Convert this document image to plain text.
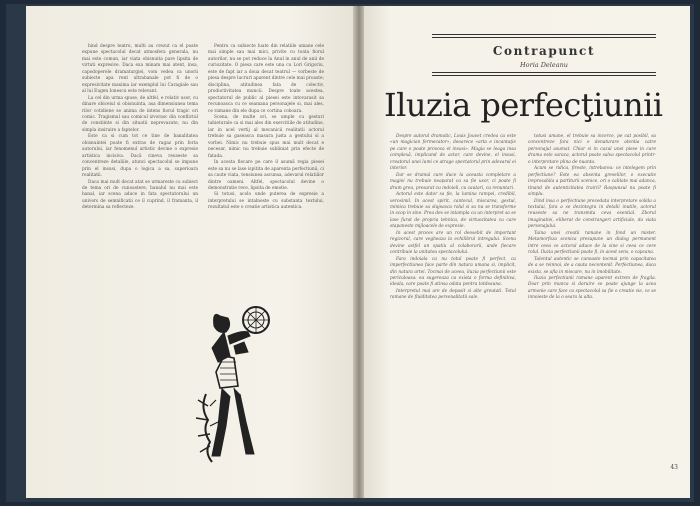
bind despre teatru, multi au crezut ca el poate expune spectacolul decat atmosfera generala, nu mai este comun, iar viata obisnuita pare lipsita de virtuti expresive. Daca exa minam mai atent, insa, capodoperele dramaturgiei, vom vedea ca unorii subiecte apa rent ultrabanale pot fi de o expresivitate maxima iar exemplul lui Caragiale sau al lui Eugen Ionescu este relevant.

La cel din urma spuse, de altfel, e relativ usor, cu dinare obiceiul si obisnuinta, asa dimensiunea tema rilor cotidiene se anima de intens fiorul tragic ori comic. Tragismul sau comicul izvorasc din conflictul de constiinte si din situatii neprevazute, nu din simpla insiruire a faptelor.

Este ca si cum tot ce tine de banalitatea obisnuintei poate fi extras de ragaz prin forta autorului, iar fenomenul artistic devine o expresie artistica incisiva. Dacă cineva reuseste sa concentreze detaliile, atunci spectacolul se impune prin el insusi, dupa o logica a sa, superioara realitatii.

Daca mai mult decat atat se urmareste cu subiect de tema ori de cunoastere, banalul nu mai este banal, iar scena aduce in fata spectatorului un univers de semnificatii ce il cuprind, il framanta, il determina sa reflecteze.

Pentru ca subiecte luate din relatiile umane cele mai simple sau mai mici, privite cu toata fiorul autorilor, nu se pot reduce la Anul in anul de anii de curiozitate. O piesa care este una cu Lori Grigoriu, este de fapt iar a doua decat teatrul — vorbeste de piesa despre lucruri aparent dintre cele mai proaste; disciplina, atitudinea fata de colectiv, productivitatea muncii. Despre toate acestea, spectatorul de public al piesei este intovarasit sa recunoasca cu ce seamana personajele si, mai ales, ce ramane din ele dupa ce cortina coboara.

Scena, de multe ori, se umple cu gesturi tabieturale ca si mai ales din exercitiile de atitudine, iar in acel vertij al mecanicii realitatii actorul trebuie sa gaseasca masura justa a gestului si a vorbei. Nimic nu trebuie spus mai mult decat e necesar, nimic nu trebuie subliniat prin efecte de fatada.

In acesta fiecare pe care il asumă regia piesei este sa nu se lase ispitita de aparenta perfectiunii, ci sa caute viata, tensiunea ascunsa, adevarul relatiilor dintre oameni. Altfel, spectacolul devine o demonstratie rece, lipsita de emotie.

Si totusi, acolo unde puterea de expresie a interpretului se intalneste cu substanta textului, rezultatul este o creatie artistica autentica.

Contrapunct
Horia Deleanu
Iluzia perfecţiunii

Despre autorul dramatic, Louis Jouvet credea ca este «un magician fermecator», deoarece «arta e incantaţie pe care o poate provoca el insusi». Magia se leaga insa complexă, implicand de actor, care devine, el insusi, creatorul unei lumi ce atrage spectatorul prin adevarul ei interior.

Dar se dramul care duce la aceasta completare a magiei nu trebuie neaparat ca sa fie usor, ci poate fi drum greu, presarat cu indoieli, cu cautari, cu renuntari.

Actorul este dator sa fie, la lumina rampei, credibil, verosimil. In acest spirit, cantecul, miscarea, gestul, mimica trebuie sa slujeasca rolul si sa nu se transforme in scop in sine. Prea des se intampla ca un interpret sa se lase furat de propria tehnica, de virtuozitatea cu care stapaneste mijloacele de expresie.

In acest proces are un rol deosebit de important regizorul, care vegheaza la echilibrul intregului. Scena devine astfel un spatiu al colaborarii, unde fiecare contribuie la unitatea spectacolului.

Fara indoiala ca nu totul poate fi perfect, ca imperfectiunea face parte din natura umana si, implicit, din natura artei. Tocmai de aceea, iluzia perfectiunii este periculoasa: ea sugereaza ca exista o forma definitiva, ideala, care poate fi atinsa odata pentru totdeauna.

Interpretul mai are de depasit si alte greutati. Totul ramane de fluiditatea personalitatii sale.

totusi umane, el trebuie sa incerce, pe cat posibil, sa concentreze fara nici o denaturare atentia catre personajul asumat. Chiar si in cazul unei piese in care drama este saraca, actorul poate salva spectacolul printr-o interpretare plina de nuanta.

Acum se ridica, fireste, intrebarea: ce intelegem prin perfectiune? Este ea absenta greselilor, o executie ireprosabila a partiturii scenice, ori o calitate mai adanca, tinand de autenticitatea trairii? Raspunsul nu poate fi simplu.

Dind insa o perfectiune precedata interpretare solida a textului, fara a se dezintegra in detalii inutile, actorul reuseste sa ne transmita ceva esential. Zborul imaginatiei, eliberat de constrangeri artificiale, da viata personajului.

Taina unei creatii ramane in fond un mister. Metamorfoza scenica presupune un dialog permanent intre ceea ce actorul aduce de la sine si ceea ce cere rolul. Iluzia perfectiunii poate fi, in acest sens, o capcana.

Talentul autentic se cunoaste tocmai prin capacitatea de a se reinnoi, de a cauta necontenit. Perfectiunea, daca exista, se afla in miscare, nu in imobilitate.

Iluzia perfectiunii ramane aparent extrem de fragila. Doar prin munca si daruire se poate ajunge la acea armonie care face ca spectacolul sa fie o creatie vie, ce se innoieste de la o seara la alta.

43
